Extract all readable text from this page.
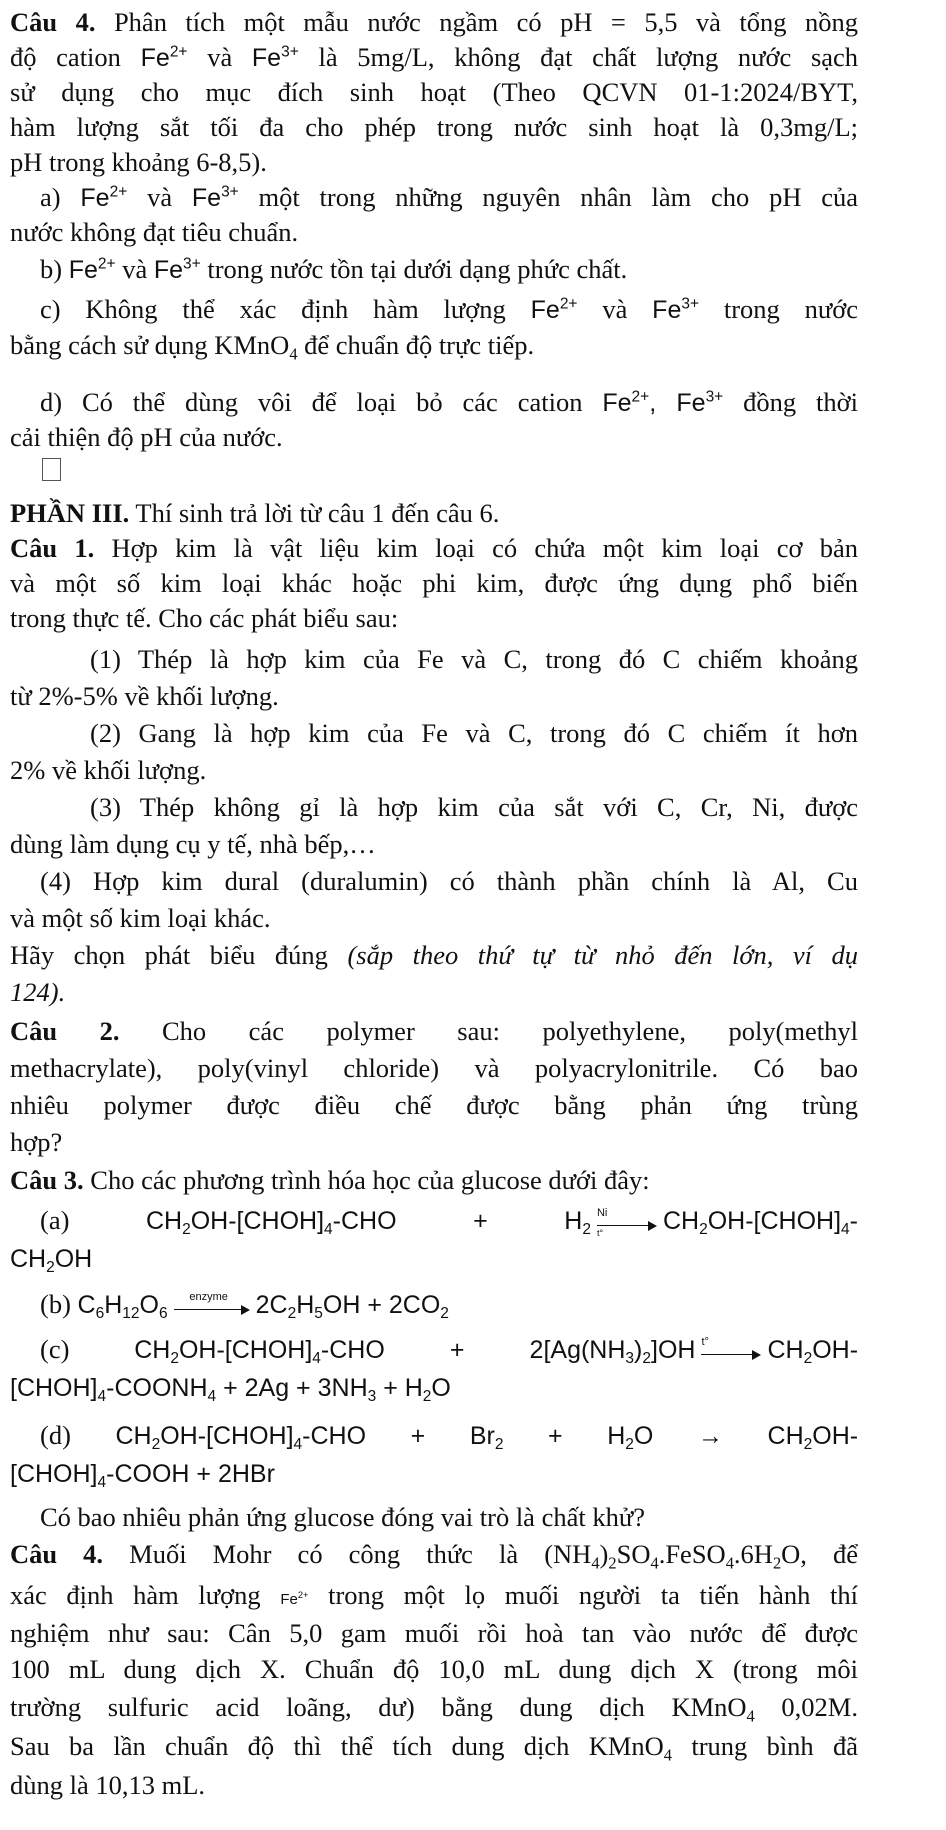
Câu 4. Phân tích một mẫu nước ngầm có pH = 5,5 và tổng nồng
độ cation $Fe^{2+}$ và $Fe^{3+}$ là 5mg/L, không đạt chất lượng nước sạch
sử dụng cho mục đích sinh hoạt (Theo QCVN 01-1:2024/BYT,
hàm lượng sắt tối đa cho phép trong nước sinh hoạt là 0,3mg/L;
pH trong khoảng 6-8,5).
a) $Fe^{2+}$ và $Fe^{3+}$ một trong những nguyên nhân làm cho pH của
nước không đạt tiêu chuẩn.
b) $Fe^{2+}$ và $Fe^{3+}$ trong nước tồn tại dưới dạng phức chất.
c) Không thể xác định hàm lượng $Fe^{2+}$ và $Fe^{3+}$ trong nước
bằng cách sử dụng KMnO$_4$ để chuẩn độ trực tiếp.
d) Có thể dùng vôi để loại bỏ các cation $Fe^{2+}$, $Fe^{3+}$ đồng thời
cải thiện độ pH của nước.
PHẦN III. Thí sinh trả lời từ câu 1 đến câu 6.
Câu 1. Hợp kim là vật liệu kim loại có chứa một kim loại cơ bản
và một số kim loại khác hoặc phi kim, được ứng dụng phổ biến
trong thực tế. Cho các phát biểu sau:
(1) Thép là hợp kim của Fe và C, trong đó C chiếm khoảng
từ 2%-5% về khối lượng.
(2) Gang là hợp kim của Fe và C, trong đó C chiếm ít hơn
2% về khối lượng.
(3) Thép không gỉ là hợp kim của sắt với C, Cr, Ni, được
dùng làm dụng cụ y tế, nhà bếp,…
(4) Hợp kim dural (duralumin) có thành phần chính là Al, Cu
và một số kim loại khác.
Hãy chọn phát biểu đúng (sắp theo thứ tự từ nhỏ đến lớn, ví dụ
124).
Câu 2. Cho các polymer sau: polyethylene, poly(methyl
methacrylate), poly(vinyl chloride) và polyacrylonitrile. Có bao
nhiêu polymer được điều chế được bằng phản ứng trùng
hợp?
Câu 3. Cho các phương trình hóa học của glucose dưới đây:
(a)	$CH_2OH-[CHOH]_4$-CHO	+	$H_2$
Ni
t°	$CH_2OH-[CHOH]_4-$
$CH_2OH$
(b) $C_6H_{12}O_6$
enzyme	$2C_2H_5OH + 2CO_2$
(c)	$CH_2OH-[CHOH]_4$-CHO + $2[Ag(NH_3)_2]OH$ t°	$CH_2OH-$
$[CHOH]_4-COONH_4 + 2Ag + 3NH_3 + H_2O$
(d) $CH_2OH-[CHOH]_4$-CHO + $Br_2 + H_2O \to CH_2OH-$
$[CHOH]_4$-COOH + 2HBr
Có bao nhiêu phản ứng glucose đóng vai trò là chất khử?
Câu 4. Muối Mohr có công thức là $(NH_4)_2SO_4.FeSO_4.6H_2O$, để
xác định hàm lượng $Fe^{2+}$ trong một lọ muối người ta tiến hành thí
nghiệm như sau: Cân 5,0 gam muối rồi hoà tan vào nước để được
100 mL dung dịch X. Chuẩn độ 10,0 mL dung dịch X (trong môi
trường sulfuric acid loãng, dư) bằng dung dịch KMnO$_4$ 0,02M.
Sau ba lần chuẩn độ thì thể tích dung dịch KMnO$_4$ trung bình đã
dùng là 10,13 mL.
